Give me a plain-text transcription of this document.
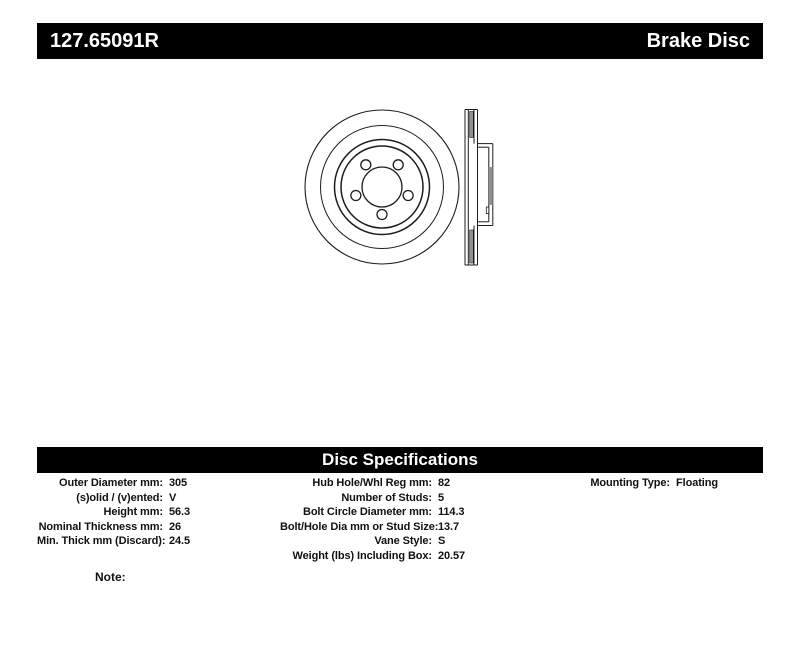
127.65091R	Brake Disc
Disc Specifications
Outer Diameter mm: 305
(s)olid / (v)ented: V
Height mm: 56.3
Nominal Thickness mm: 26
Min. Thick mm (Discard): 24.5
Hub Hole/Whl Reg mm: 82
Number of Studs: 5
Bolt Circle Diameter mm: 114.3
Bolt/Hole Dia mm or Stud Size: 13.7
Vane Style: S
Weight (lbs) Including Box: 20.57
Mounting Type: Floating
Note:
